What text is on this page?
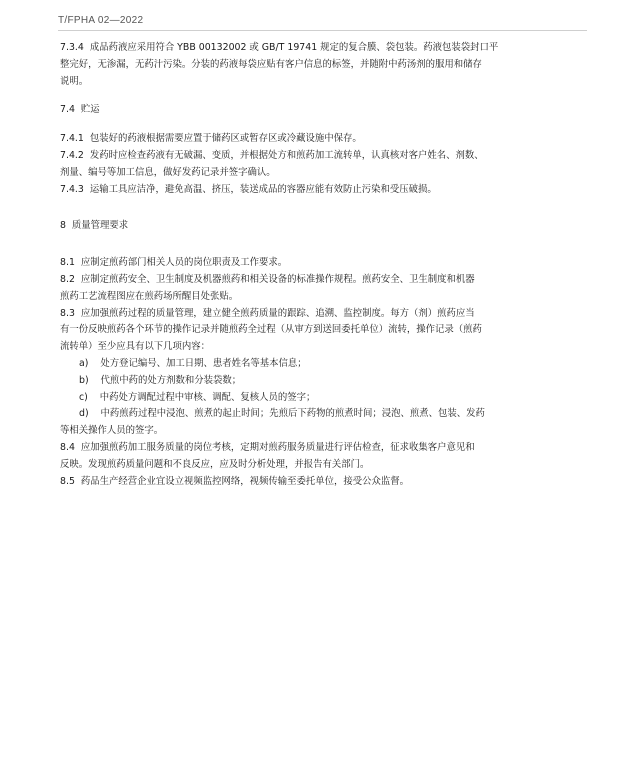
T/FPHA 02—2022

7.3.4  成品药液应采用符合 YBB 00132002 或 GB/T 19741 规定的复合膜、袋包装。药液包装袋封口平

整完好，无渗漏，无药汁污染。分装的药液每袋应贴有客户信息的标签，并随附中药汤剂的服用和储存

说明。

7.4  贮运

7.4.1  包装好的药液根据需要应置于储药区或暂存区或冷藏设施中保存。

7.4.2  发药时应检查药液有无破漏、变质，并根据处方和煎药加工流转单，认真核对客户姓名、剂数、

剂量、编号等加工信息，做好发药记录并签字确认。

7.4.3  运输工具应洁净，避免高温、挤压，装送成品的容器应能有效防止污染和受压破损。

8  质量管理要求

8.1  应制定煎药部门相关人员的岗位职责及工作要求。

8.2  应制定煎药安全、卫生制度及机器煎药和相关设备的标准操作规程。煎药安全、卫生制度和机器

煎药工艺流程图应在煎药场所醒目处张贴。

8.3  应加强煎药过程的质量管理，建立健全煎药质量的跟踪、追溯、监控制度。每方（剂）煎药应当

有一份反映煎药各个环节的操作记录并随煎药全过程（从审方到送回委托单位）流转，操作记录（煎药

流转单）至少应具有以下几项内容：

a)    处方登记编号、加工日期、患者姓名等基本信息；

b)    代煎中药的处方剂数和分装袋数；

c)    中药处方调配过程中审核、调配、复核人员的签字；

d)    中药煎药过程中浸泡、煎煮的起止时间；先煎后下药物的煎煮时间；浸泡、煎煮、包装、发药

等相关操作人员的签字。

8.4  应加强煎药加工服务质量的岗位考核，定期对煎药服务质量进行评估检查，征求收集客户意见和

反映。发现煎药质量问题和不良反应，应及时分析处理，并报告有关部门。

8.5  药品生产经营企业宜设立视频监控网络，视频传输至委托单位，接受公众监督。
